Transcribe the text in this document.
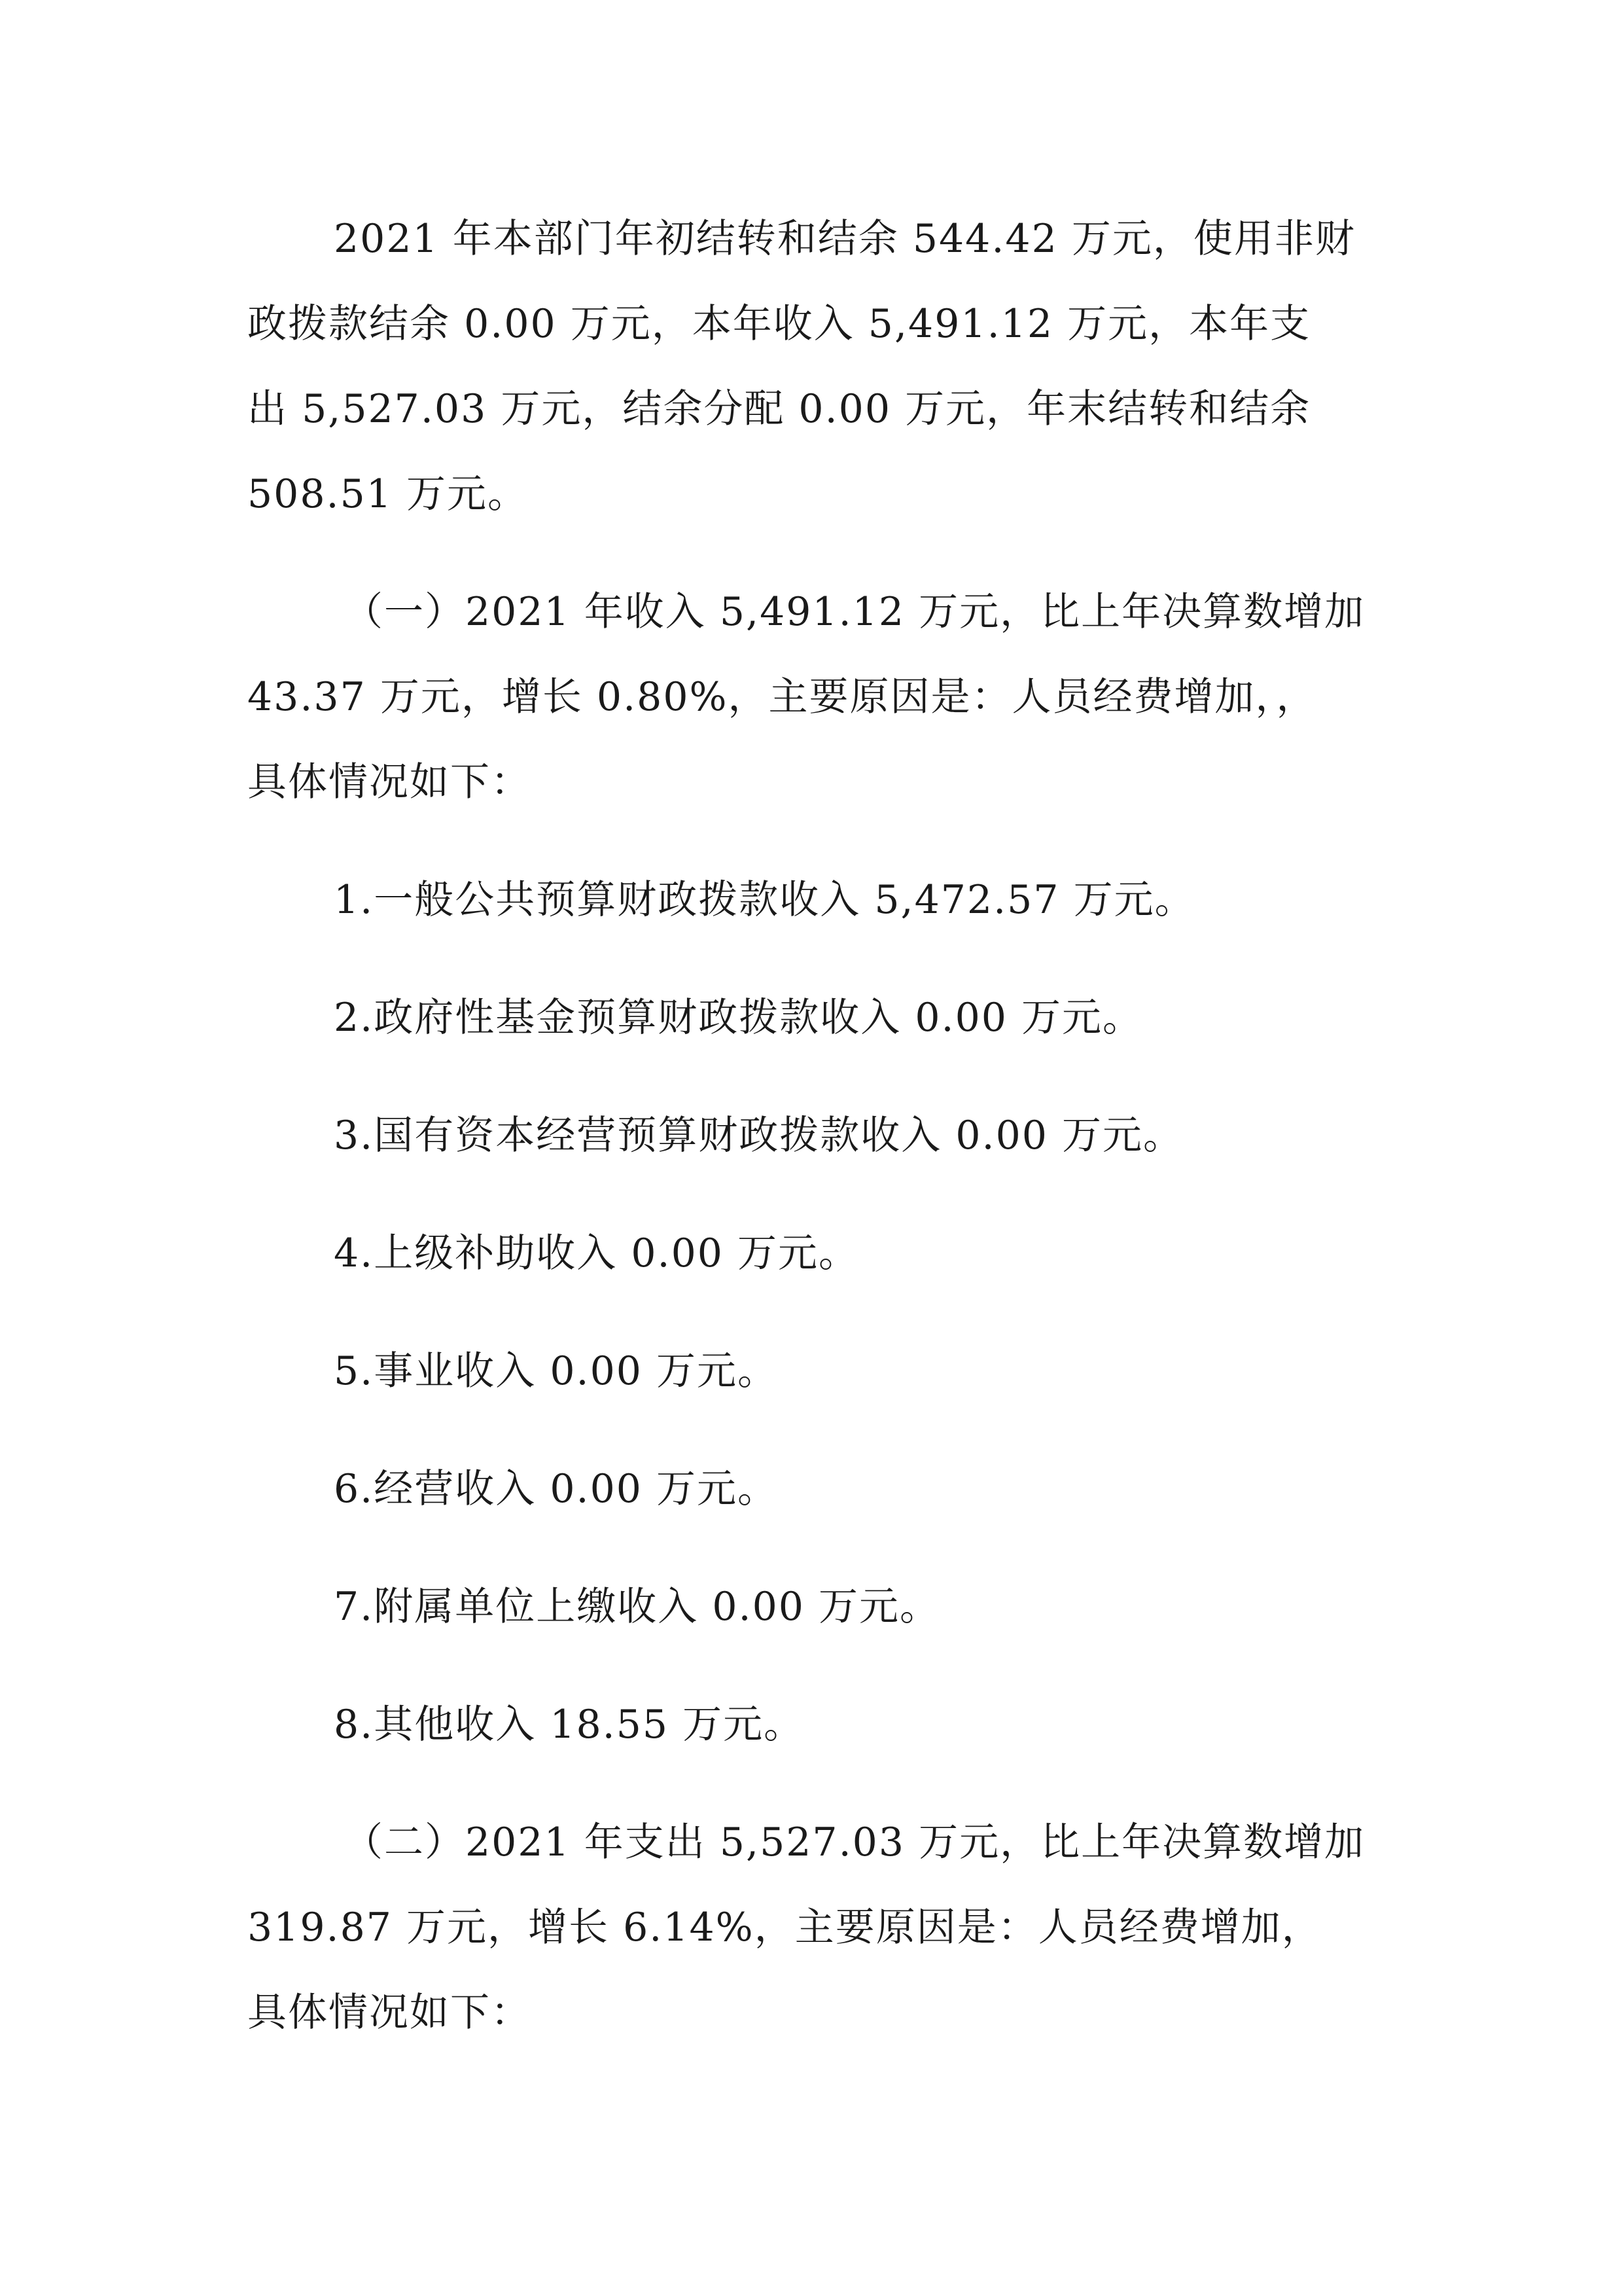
2021 年本部门年初结转和结余 544.42 万元，使用非财
政拨款结余 0.00 万元，本年收入 5,491.12 万元，本年支
出 5,527.03 万元，结余分配 0.00 万元，年末结转和结余
508.51 万元。
（一）2021 年收入 5,491.12 万元，比上年决算数增加
43.37 万元，增长 0.80%，主要原因是：人员经费增加，，
具体情况如下：
1.一般公共预算财政拨款收入 5,472.57 万元。
2.政府性基金预算财政拨款收入 0.00 万元。
3.国有资本经营预算财政拨款收入 0.00 万元。
4.上级补助收入 0.00 万元。
5.事业收入 0.00 万元。
6.经营收入 0.00 万元。
7.附属单位上缴收入 0.00 万元。
8.其他收入 18.55 万元。
（二）2021 年支出 5,527.03 万元，比上年决算数增加
319.87 万元，增长 6.14%，主要原因是：人员经费增加，
具体情况如下：
